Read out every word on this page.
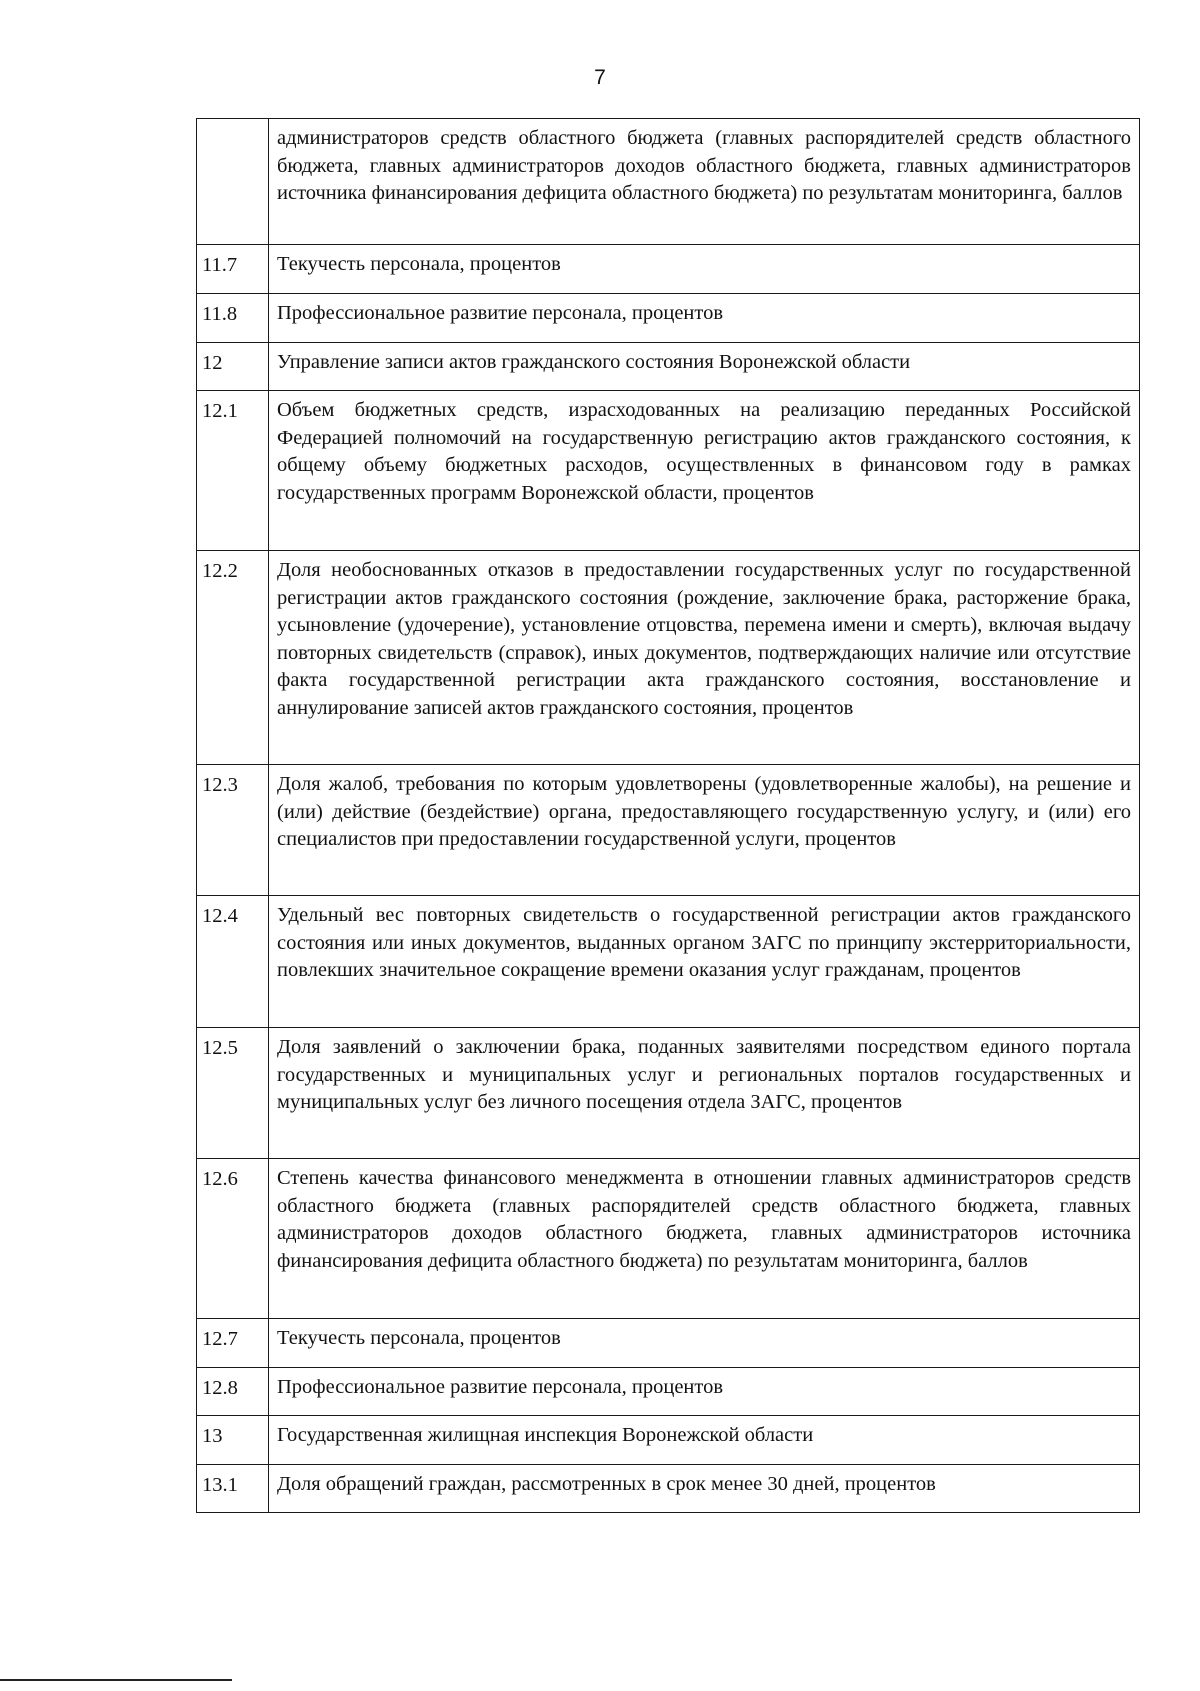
7
	администраторов средств областного бюджета (главных распорядителей средств областного бюджета, главных администраторов доходов областного бюджета, главных администраторов источника финансирования дефицита областного бюджета) по результатам мониторинга, баллов
11.7	Текучесть персонала, процентов
11.8	Профессиональное развитие персонала, процентов
12	Управление записи актов гражданского состояния Воронежской области
12.1	Объем бюджетных средств, израсходованных на реализацию переданных Российской Федерацией полномочий на государственную регистрацию актов гражданского состояния, к общему объему бюджетных расходов, осуществленных в финансовом году в рамках государственных программ Воронежской области, процентов
12.2	Доля необоснованных отказов в предоставлении государственных услуг по государственной регистрации актов гражданского состояния (рождение, заключение брака, расторжение брака, усыновление (удочерение), установление отцовства, перемена имени и смерть), включая выдачу повторных свидетельств (справок), иных документов, подтверждающих наличие или отсутствие факта государственной регистрации акта гражданского состояния, восстановление и аннулирование записей актов гражданского состояния, процентов
12.3	Доля жалоб, требования по которым удовлетворены (удовлетворенные жалобы), на решение и (или) действие (бездействие) органа, предоставляющего государственную услугу, и (или) его специалистов при предоставлении государственной услуги, процентов
12.4	Удельный вес повторных свидетельств о государственной регистрации актов гражданского состояния или иных документов, выданных органом ЗАГС по принципу экстерриториальности, повлекших значительное сокращение времени оказания услуг гражданам, процентов
12.5	Доля заявлений о заключении брака, поданных заявителями посредством единого портала государственных и муниципальных услуг и региональных порталов государственных и муниципальных услуг без личного посещения отдела ЗАГС, процентов
12.6	Степень качества финансового менеджмента в отношении главных администраторов средств областного бюджета (главных распорядителей средств областного бюджета, главных администраторов доходов областного бюджета, главных администраторов источника финансирования дефицита областного бюджета) по результатам мониторинга, баллов
12.7	Текучесть персонала, процентов
12.8	Профессиональное развитие персонала, процентов
13	Государственная жилищная инспекция Воронежской области
13.1	Доля обращений граждан, рассмотренных в срок менее 30 дней, процентов
